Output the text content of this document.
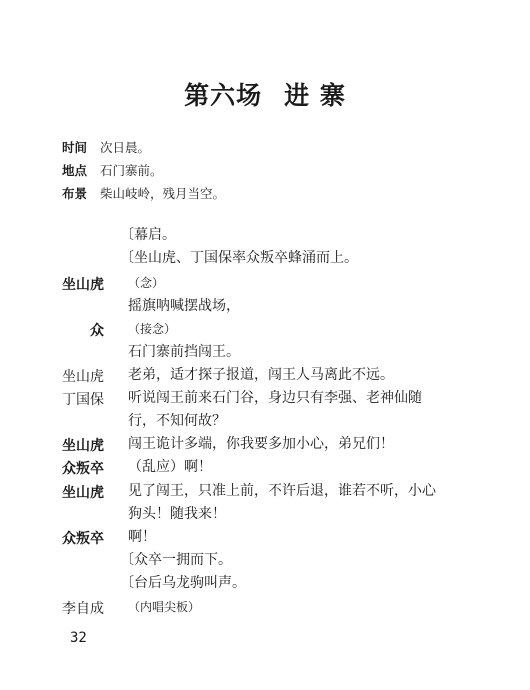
第六场 进 寨
时间 次日晨。
地点 石门寨前。
布景 柴山岐岭，残月当空。
〔幕启。
〔坐山虎、丁国保率众叛卒蜂涌而上。
坐山虎	（念）
摇旗呐喊摆战场，
众	（接念）
石门寨前挡闯王。
坐山虎	老弟，适才探子报道，闯王人马离此不远。
丁国保	听说闯王前来石门谷，身边只有李强、老神仙随
行，不知何故？
坐山虎	闯王诡计多端，你我要多加小心，弟兄们！
众叛卒	（乱应）啊！
坐山虎	见了闯王，只准上前，不许后退，谁若不听，小心
狗头！随我来！
众叛卒	啊！
〔众卒一拥而下。
〔台后乌龙驹叫声。
李自成	（内唱尖板）
32
